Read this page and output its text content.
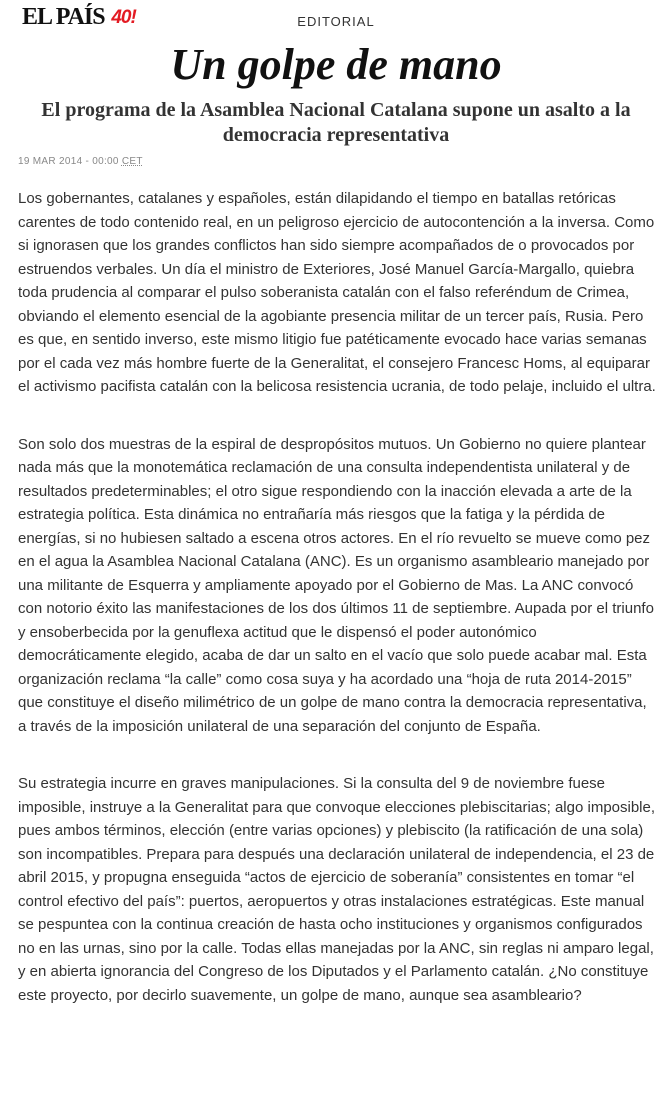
EL PAÍS 40!	EDITORIAL
Un golpe de mano
El programa de la Asamblea Nacional Catalana supone un asalto a la democracia representativa
19 MAR 2014 - 00:00 CET

Los gobernantes, catalanes y españoles, están dilapidando el tiempo en batallas retóricas carentes de todo contenido real, en un peligroso ejercicio de autocontención a la inversa. Como si ignorasen que los grandes conflictos han sido siempre acompañados de o provocados por estruendos verbales. Un día el ministro de Exteriores, José Manuel García-Margallo, quiebra toda prudencia al comparar el pulso soberanista catalán con el falso referéndum de Crimea, obviando el elemento esencial de la agobiante presencia militar de un tercer país, Rusia. Pero es que, en sentido inverso, este mismo litigio fue patéticamente evocado hace varias semanas por el cada vez más hombre fuerte de la Generalitat, el consejero Francesc Homs, al equiparar el activismo pacifista catalán con la belicosa resistencia ucrania, de todo pelaje, incluido el ultra.

Son solo dos muestras de la espiral de despropósitos mutuos. Un Gobierno no quiere plantear nada más que la monotemática reclamación de una consulta independentista unilateral y de resultados predeterminables; el otro sigue respondiendo con la inacción elevada a arte de la estrategia política. Esta dinámica no entrañaría más riesgos que la fatiga y la pérdida de energías, si no hubiesen saltado a escena otros actores. En el río revuelto se mueve como pez en el agua la Asamblea Nacional Catalana (ANC). Es un organismo asambleario manejado por una militante de Esquerra y ampliamente apoyado por el Gobierno de Mas. La ANC convocó con notorio éxito las manifestaciones de los dos últimos 11 de septiembre. Aupada por el triunfo y ensoberbecida por la genuflexa actitud que le dispensó el poder autonómico democráticamente elegido, acaba de dar un salto en el vacío que solo puede acabar mal. Esta organización reclama “la calle” como cosa suya y ha acordado una “hoja de ruta 2014-2015” que constituye el diseño milimétrico de un golpe de mano contra la democracia representativa, a través de la imposición unilateral de una separación del conjunto de España.

Su estrategia incurre en graves manipulaciones. Si la consulta del 9 de noviembre fuese imposible, instruye a la Generalitat para que convoque elecciones plebiscitarias; algo imposible, pues ambos términos, elección (entre varias opciones) y plebiscito (la ratificación de una sola) son incompatibles. Prepara para después una declaración unilateral de independencia, el 23 de abril 2015, y propugna enseguida “actos de ejercicio de soberanía” consistentes en tomar “el control efectivo del país”: puertos, aeropuertos y otras instalaciones estratégicas. Este manual se pespuntea con la continua creación de hasta ocho instituciones y organismos configurados no en las urnas, sino por la calle. Todas ellas manejadas por la ANC, sin reglas ni amparo legal, y en abierta ignorancia del Congreso de los Diputados y el Parlamento catalán. ¿No constituye este proyecto, por decirlo suavemente, un golpe de mano, aunque sea asambleario?
